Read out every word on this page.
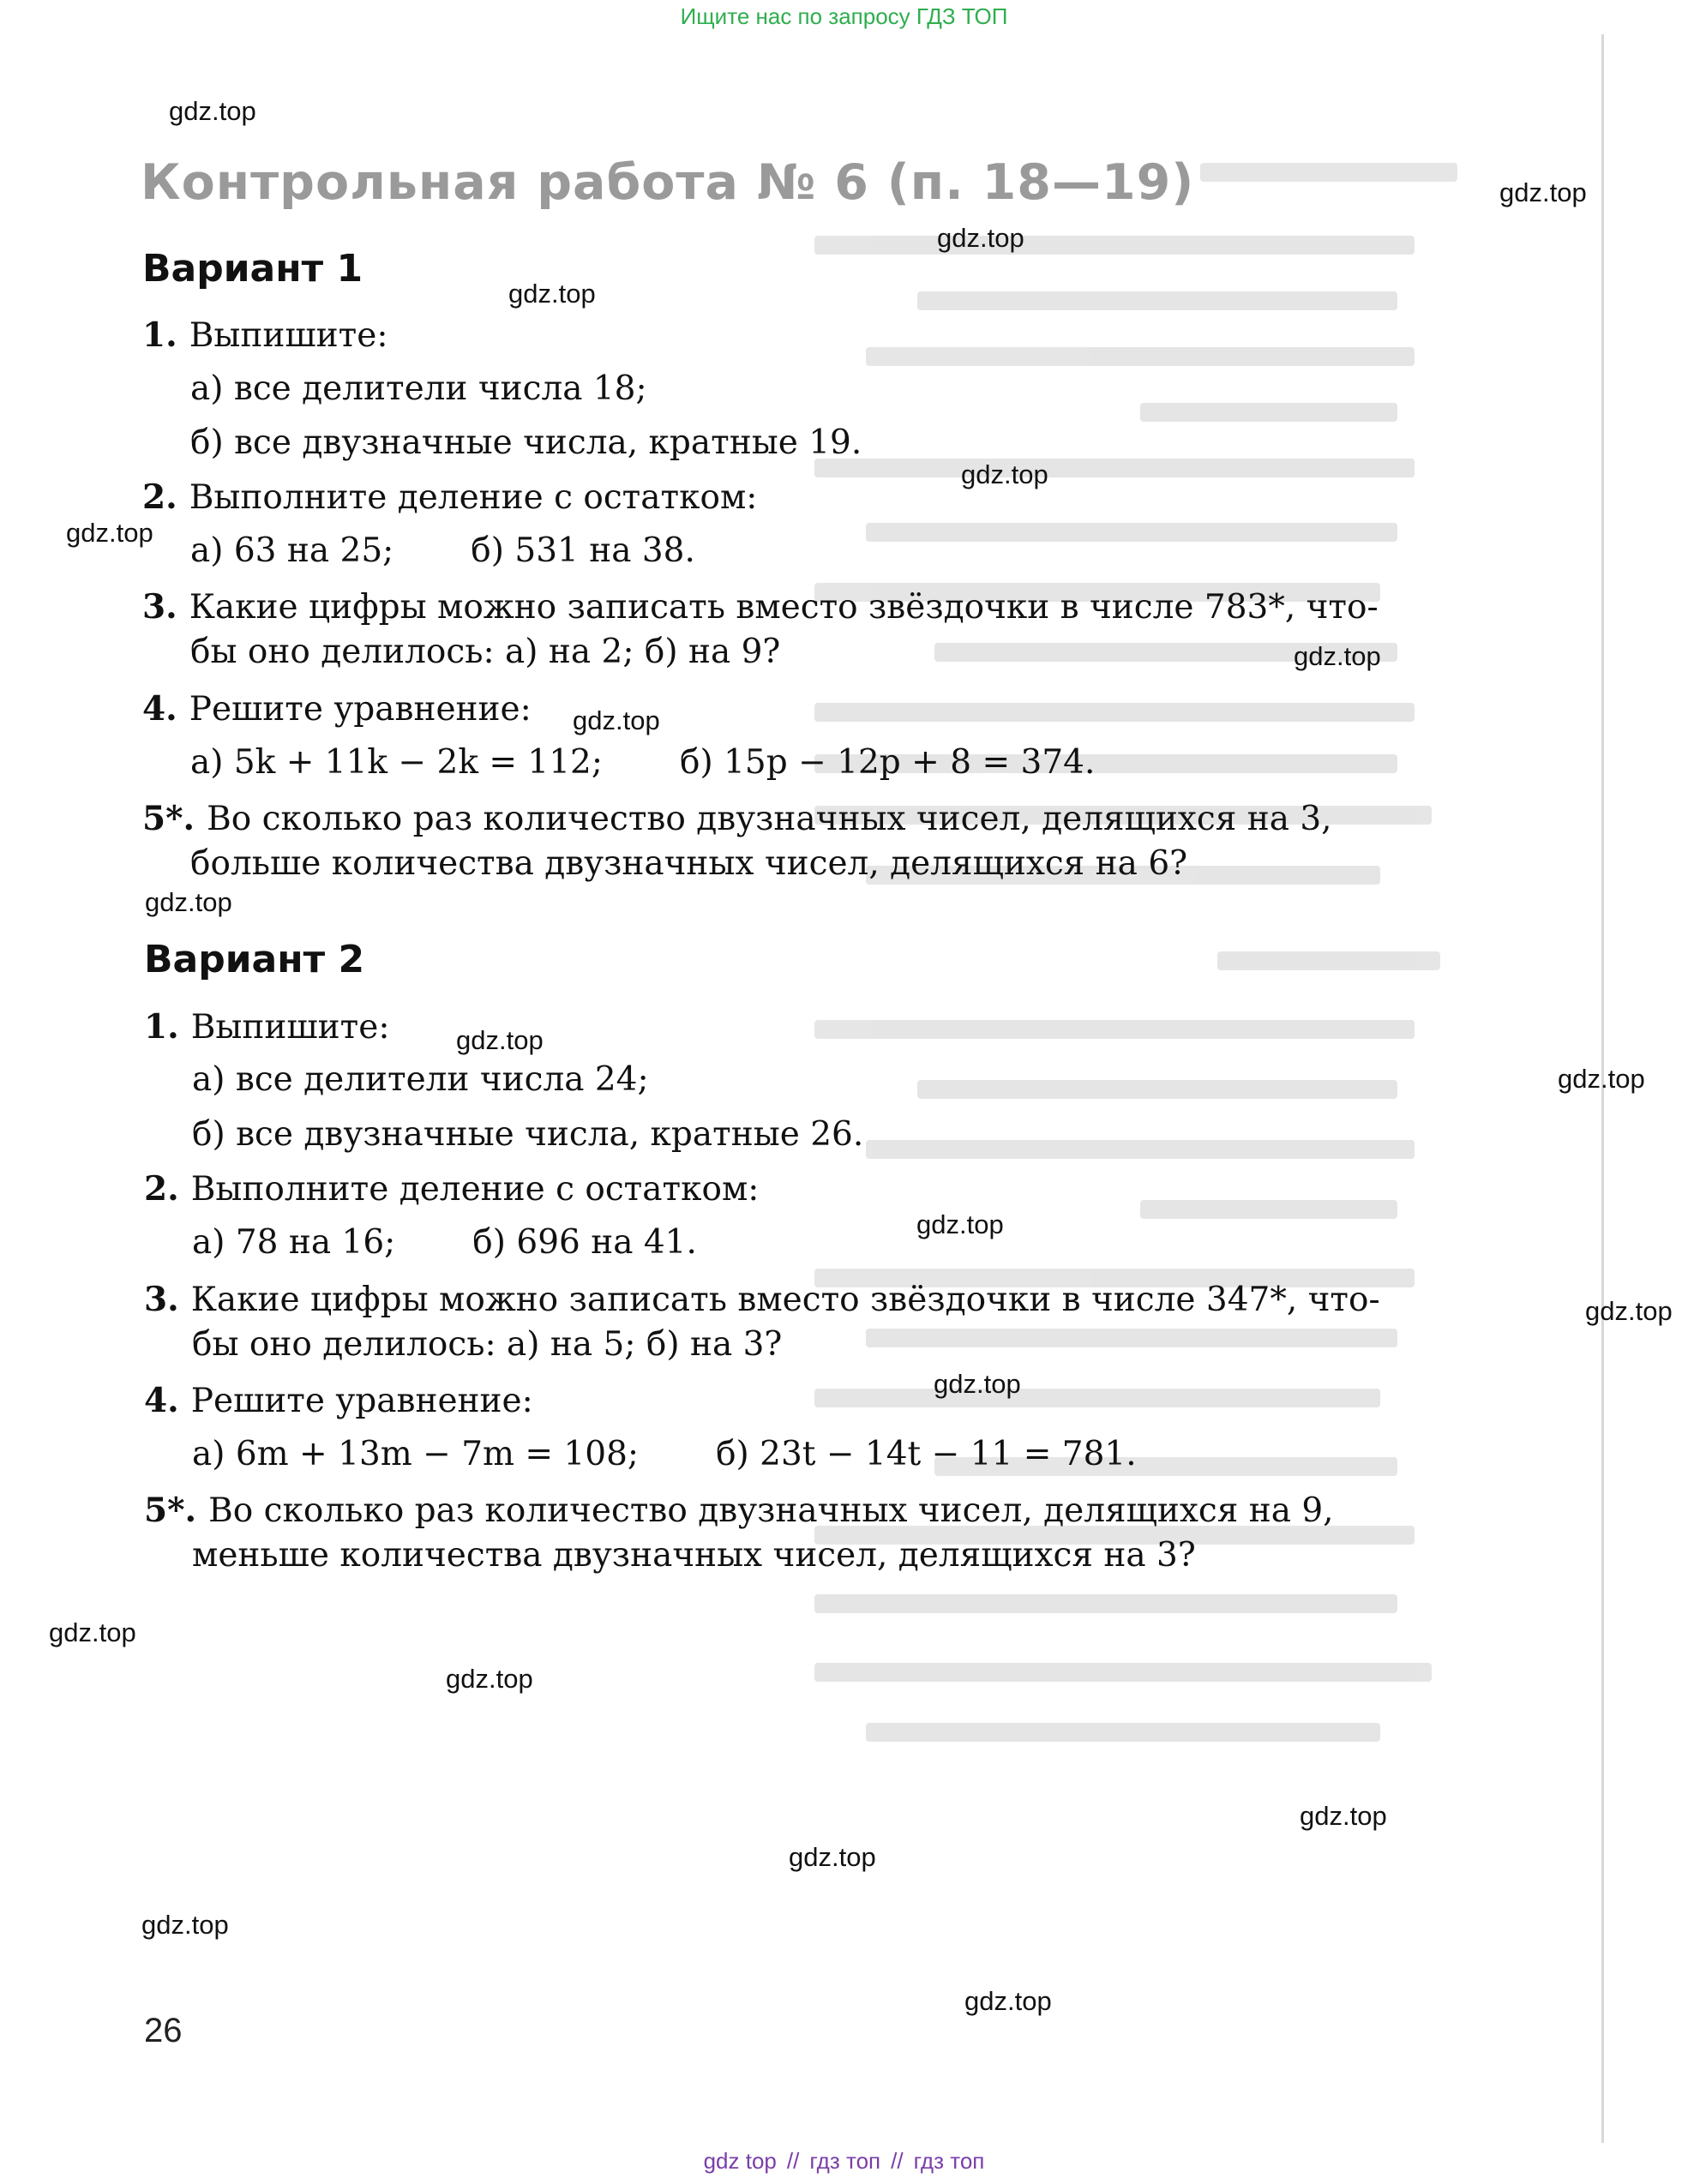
Ищите нас по запросу ГДЗ ТОП
Контрольная работа № 6 (п. 18—19)
Вариант 1
1. Выпишите:
а) все делители числа 18;
б) все двузначные числа, кратные 19.
2. Выполните деление с остатком:
а) 63 на 25; б) 531 на 38.
3. Какие цифры можно записать вместо звёздочки в числе 783*, что-
бы оно делилось: а) на 2; б) на 9?
4. Решите уравнение:
а) 5k + 11k − 2k = 112; б) 15p − 12p + 8 = 374.
5*. Во сколько раз количество двузначных чисел, делящихся на 3,
больше количества двузначных чисел, делящихся на 6?
Вариант 2
1. Выпишите:
а) все делители числа 24;
б) все двузначные числа, кратные 26.
2. Выполните деление с остатком:
а) 78 на 16; б) 696 на 41.
3. Какие цифры можно записать вместо звёздочки в числе 347*, что-
бы оно делилось: а) на 5; б) на 3?
4. Решите уравнение:
а) 6m + 13m − 7m = 108; б) 23t − 14t − 11 = 781.
5*. Во сколько раз количество двузначных чисел, делящихся на 9,
меньше количества двузначных чисел, делящихся на 3?
gdz.top
gdz.top
gdz.top
gdz.top
gdz.top
gdz.top
gdz.top
gdz.top
gdz.top
gdz.top
gdz.top
gdz.top
gdz.top
gdz.top
gdz.top
gdz.top
gdz.top
gdz.top
gdz.top
gdz.top
26
gdz top // гдз топ // гдз топ
